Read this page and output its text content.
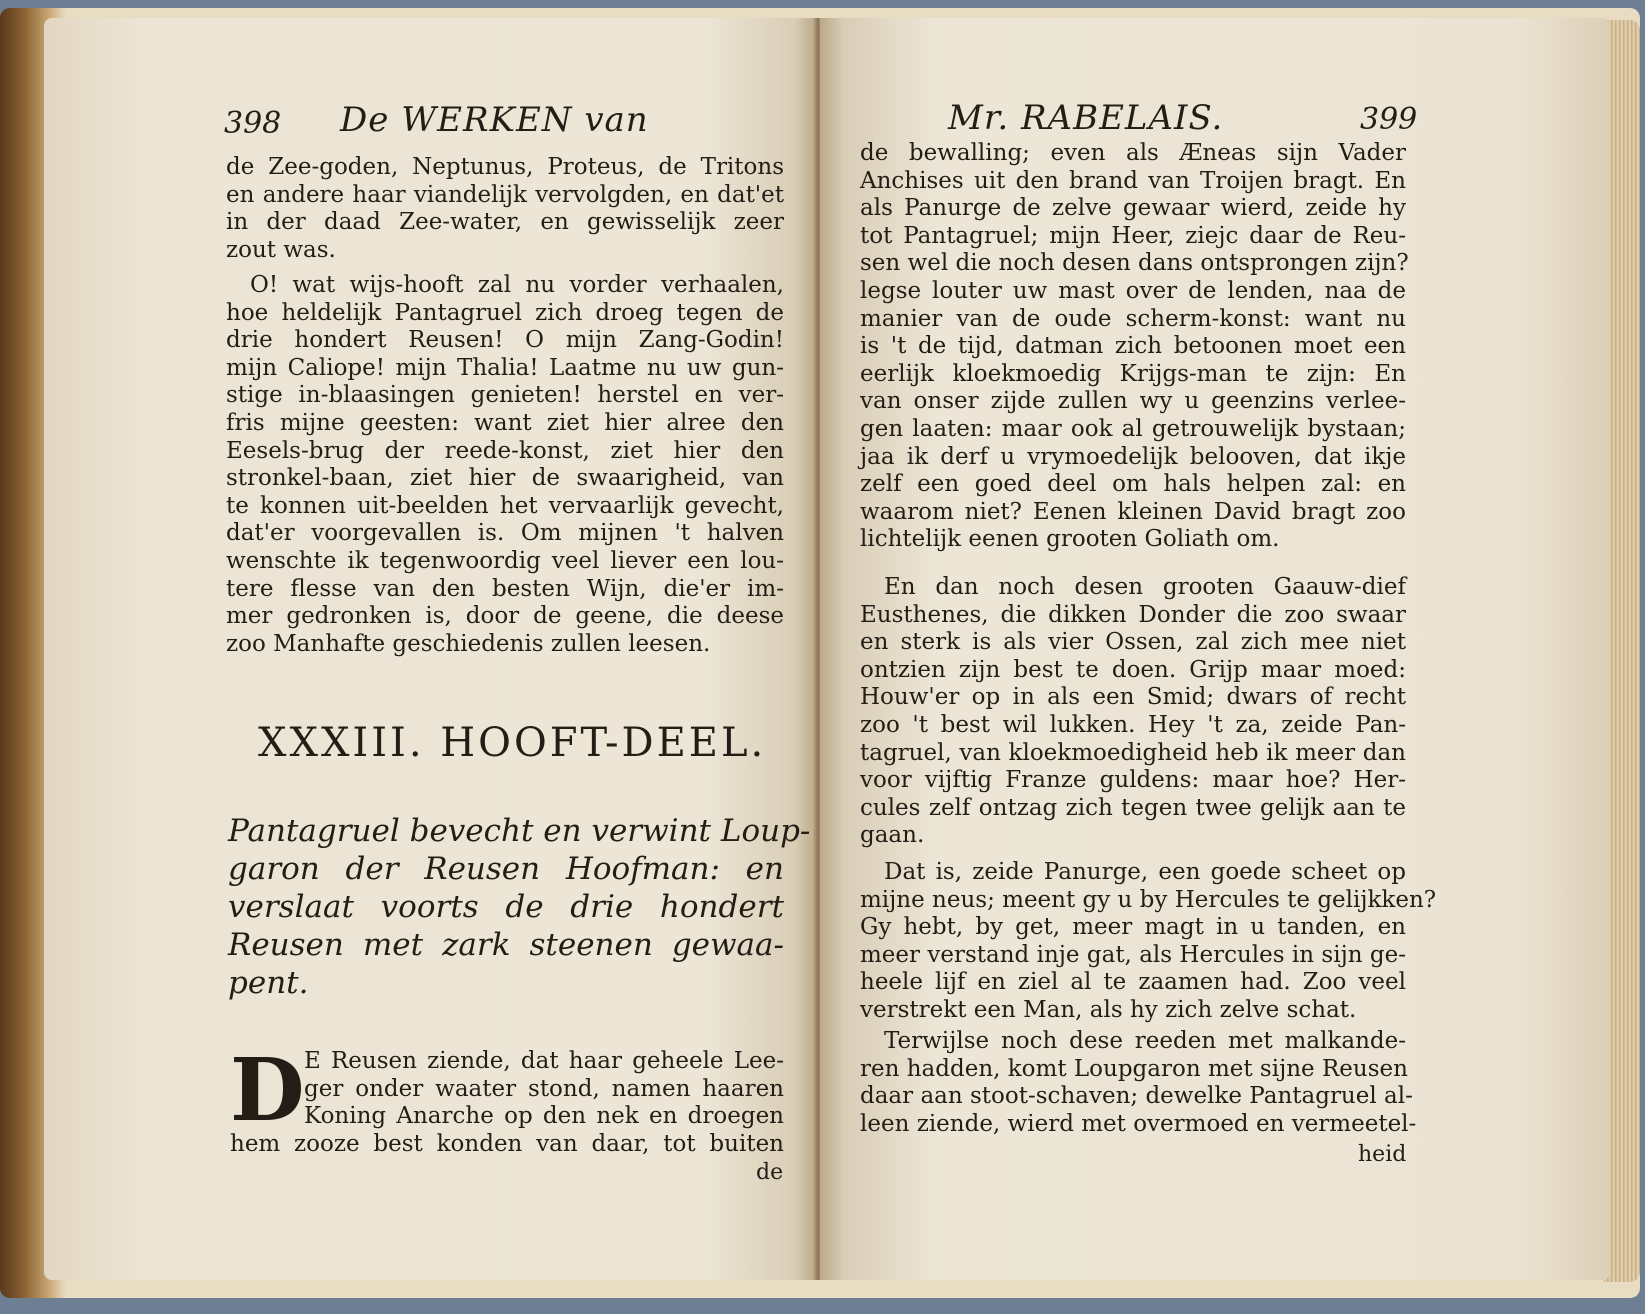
398 De WERKEN van
de Zee-goden, Neptunus, Proteus, de Tritons
en andere haar viandelijk vervolgden, en dat'et
in der daad Zee-water, en gewisselijk zeer
zout was.
O! wat wijs-hooft zal nu vorder verhaalen,
hoe heldelijk Pantagruel zich droeg tegen de
drie hondert Reusen! O mijn Zang-Godin!
mijn Caliope! mijn Thalia! Laatme nu uw gun-
stige in-blaasingen genieten! herstel en ver-
fris mijne geesten: want ziet hier alree den
Eesels-brug der reede-konst, ziet hier den
stronkel-baan, ziet hier de swaarigheid, van
te konnen uit-beelden het vervaarlijk gevecht,
dat'er voorgevallen is. Om mijnen 't halven
wenschte ik tegenwoordig veel liever een lou-
tere flesse van den besten Wijn, die'er im-
mer gedronken is, door de geene, die deese
zoo Manhafte geschiedenis zullen leesen.
XXXIII. HOOFT-DEEL.
Pantagruel bevecht en verwint Loup-
garon der Reusen Hoofman: en
verslaat voorts de drie hondert
Reusen met zark steenen gewaa-
pent.
D E Reusen ziende, dat haar geheele Lee-
ger onder waater stond, namen haaren
Koning Anarche op den nek en droegen
hem zooze best konden van daar, tot buiten
de
Mr. RABELAIS.	399
de bewalling; even als Æneas sijn Vader
Anchises uit den brand van Troijen bragt. En
als Panurge de zelve gewaar wierd, zeide hy
tot Pantagruel; mijn Heer, ziejc daar de Reu-
sen wel die noch desen dans ontsprongen zijn?
legse louter uw mast over de lenden, naa de
manier van de oude scherm-konst: want nu
is 't de tijd, datman zich betoonen moet een
eerlijk kloekmoedig Krijgs-man te zijn: En
van onser zijde zullen wy u geenzins verlee-
gen laaten: maar ook al getrouwelijk bystaan;
jaa ik derf u vrymoedelijk belooven, dat ikje
zelf een goed deel om hals helpen zal: en
waarom niet? Eenen kleinen David bragt zoo
lichtelijk eenen grooten Goliath om.
En dan noch desen grooten Gaauw-dief
Eusthenes, die dikken Donder die zoo swaar
en sterk is als vier Ossen, zal zich mee niet
ontzien zijn best te doen. Grijp maar moed:
Houw'er op in als een Smid; dwars of recht
zoo 't best wil lukken. Hey 't za, zeide Pan-
tagruel, van kloekmoedigheid heb ik meer dan
voor vijftig Franze guldens: maar hoe? Her-
cules zelf ontzag zich tegen twee gelijk aan te
gaan.
Dat is, zeide Panurge, een goede scheet op
mijne neus; meent gy u by Hercules te gelijkken?
Gy hebt, by get, meer magt in u tanden, en
meer verstand inje gat, als Hercules in sijn ge-
heele lijf en ziel al te zaamen had. Zoo veel
verstrekt een Man, als hy zich zelve schat.
Terwijlse noch dese reeden met malkande-
ren hadden, komt Loupgaron met sijne Reusen
daar aan stoot-schaven; dewelke Pantagruel al-
leen ziende, wierd met overmoed en vermeetel-
heid
